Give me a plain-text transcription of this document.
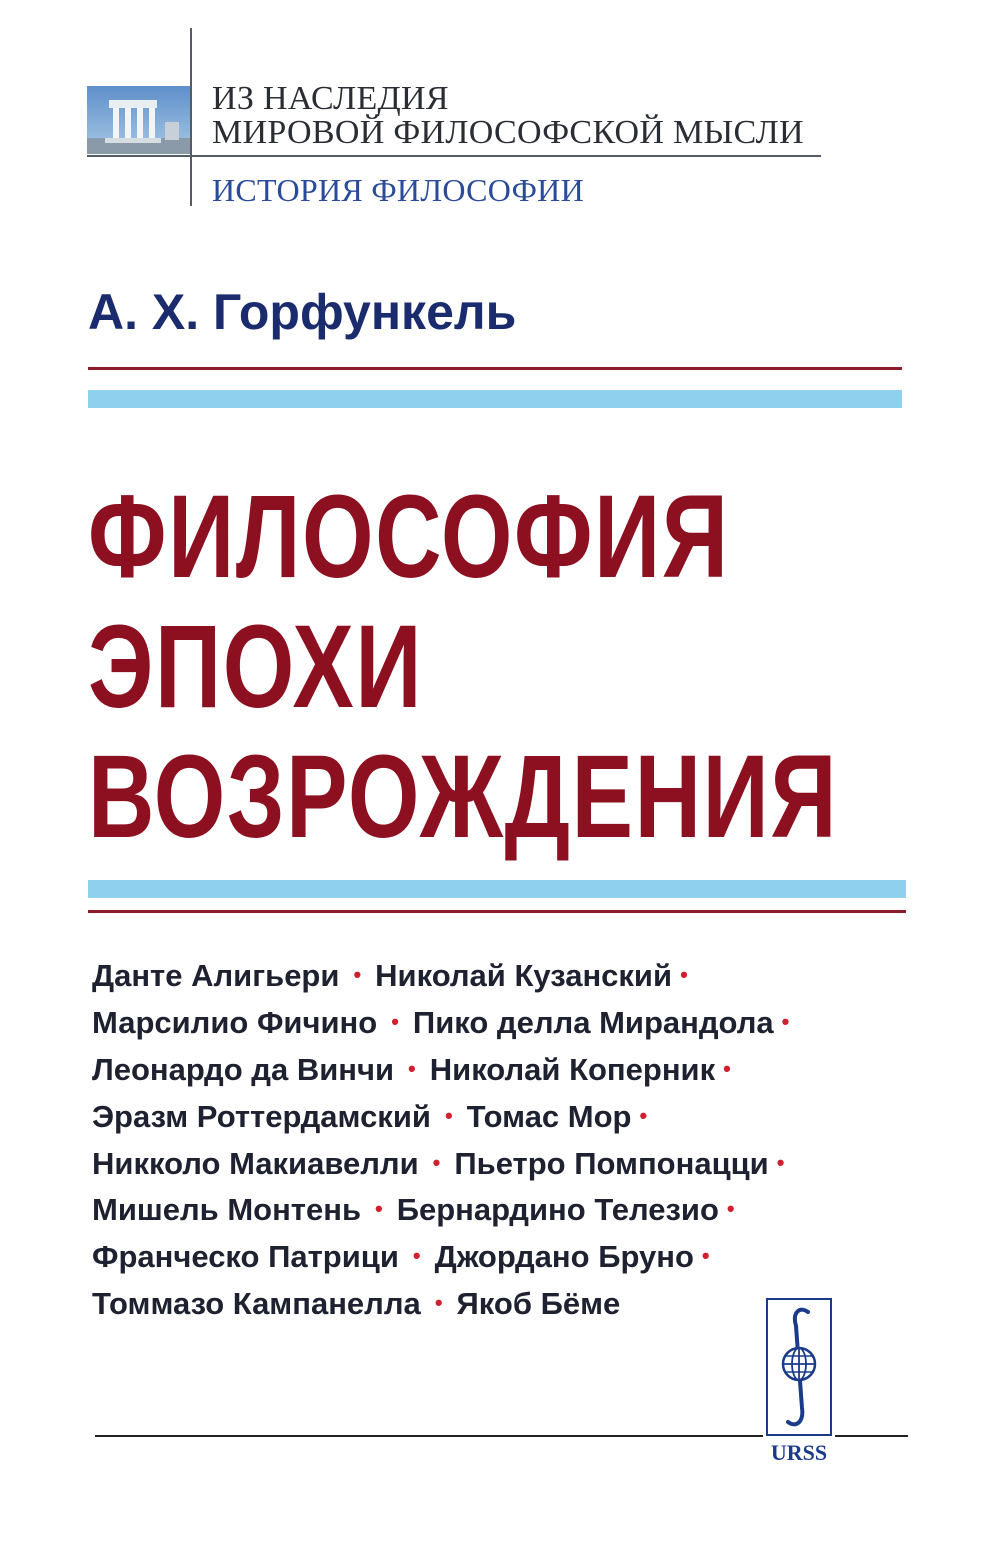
ИЗ НАСЛЕДИЯ
МИРОВОЙ ФИЛОСОФСКОЙ МЫСЛИ
ИСТОРИЯ ФИЛОСОФИИ
А. Х. Горфункель
ФИЛОСОФИЯ
ЭПОХИ
ВОЗРОЖДЕНИЯ
Данте Алигьери • Николай Кузанский •
Марсилио Фичино • Пико делла Мирандола •
Леонардо да Винчи • Николай Коперник •
Эразм Роттердамский • Томас Мор •
Никколо Макиавелли • Пьетро Помпонацци •
Мишель Монтень • Бернардино Телезио •
Франческо Патрици • Джордано Бруно •
Томмазо Кампанелла • Якоб Бёме
URSS
